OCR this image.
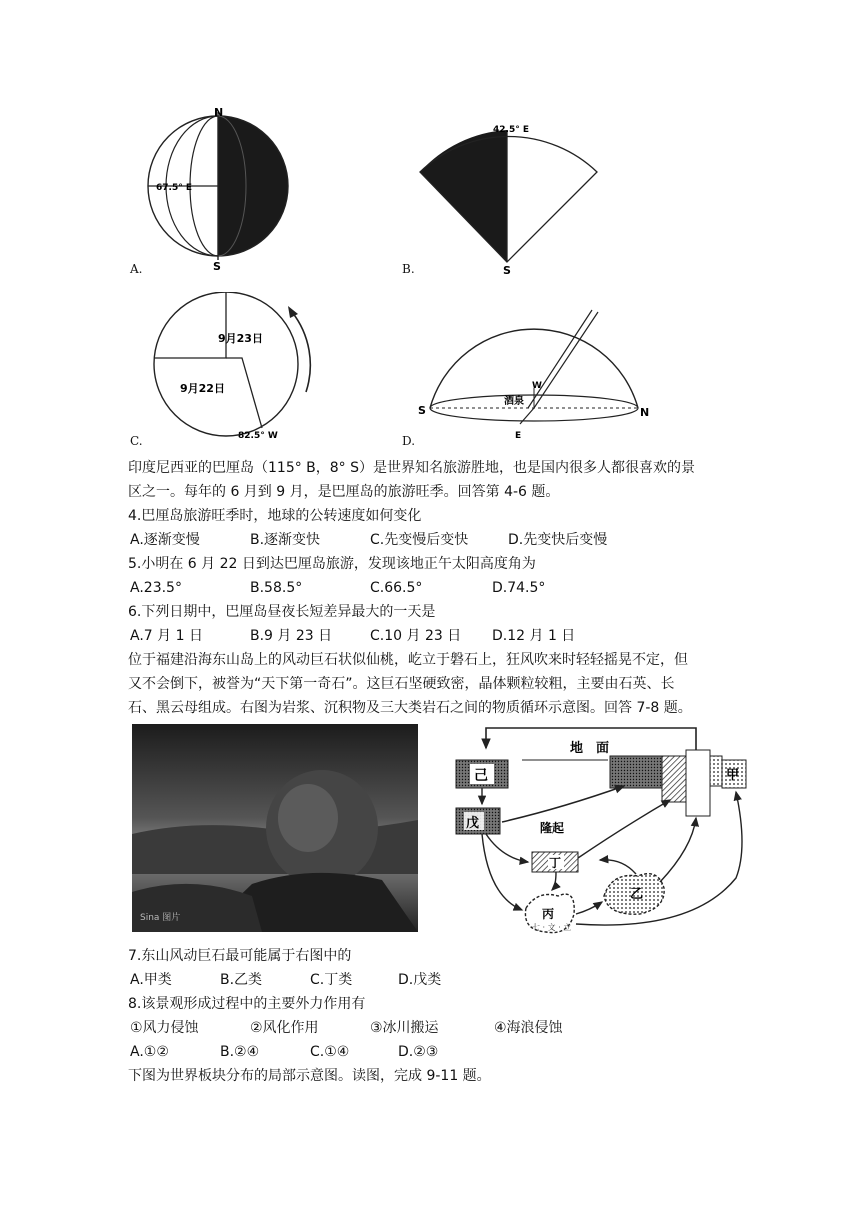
N
S
67.5° E
A.
42.5° E
S
B.
9月23日
9月22日
82.5° W
C.
S	N
W
E
酒泉
D.
印度尼西亚的巴厘岛（115° B，8° S）是世界知名旅游胜地，也是国内很多人都很喜欢的景
区之一。每年的 6 月到 9 月，是巴厘岛的旅游旺季。回答第 4-6 题。
4.巴厘岛旅游旺季时，地球的公转速度如何变化
A.逐渐变慢	B.逐渐变快	C.先变慢后变快	D.先变快后变慢
5.小明在 6 月 22 日到达巴厘岛旅游，发现该地正午太阳高度角为
A.23.5°	B.58.5°	C.66.5°	D.74.5°
6.下列日期中，巴厘岛昼夜长短差异最大的一天是
A.7 月 1 日	B.9 月 23 日	C.10 月 23 日 D.12 月 1 日
位于福建沿海东山岛上的风动巨石状似仙桃，屹立于磐石上，狂风吹来时轻轻摇晃不定，但
又不会倒下，被誉为“天下第一奇石”。这巨石坚硬致密，晶体颗粒较粗，主要由石英、长
石、黑云母组成。右图为岩浆、沉积物及三大类岩石之间的物质循环示意图。回答 7-8 题。
Sina 图片
地　面
甲
己
戊	隆起
丁
丙
七 · 文 · 立
乙
7.东山风动巨石最可能属于右图中的
A.甲类	B.乙类	C.丁类	D.戊类
8.该景观形成过程中的主要外力作用有
①风力侵蚀	②风化作用	③冰川搬运	④海浪侵蚀
A.①②	B.②④	C.①④	D.②③
下图为世界板块分布的局部示意图。读图，完成 9-11 题。
